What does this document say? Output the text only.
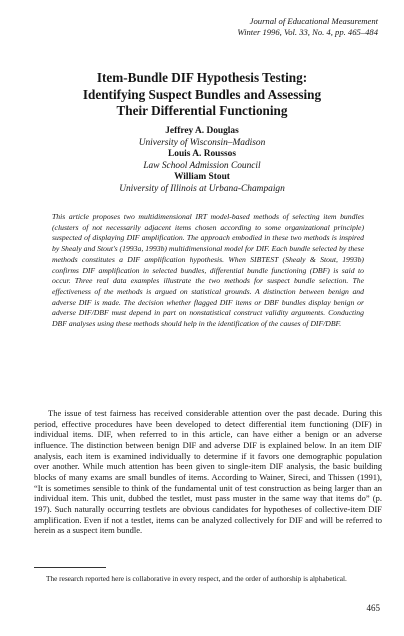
Journal of Educational Measurement
Winter 1996, Vol. 33, No. 4, pp. 465–484
Item-Bundle DIF Hypothesis Testing:
Identifying Suspect Bundles and Assessing
Their Differential Functioning
Jeffrey A. Douglas
University of Wisconsin–Madison
Louis A. Roussos
Law School Admission Council
William Stout
University of Illinois at Urbana-Champaign

This article proposes two multidimensional IRT model-based methods of selecting item bundles (clusters of not necessarily adjacent items chosen according to some organizational principle) suspected of displaying DIF amplification. The approach embodied in these two methods is inspired by Shealy and Stout's (1993a, 1993b) multidimensional model for DIF. Each bundle selected by these methods constitutes a DIF amplification hypothesis. When SIBTEST (Shealy & Stout, 1993b) confirms DIF amplification in selected bundles, differential bundle functioning (DBF) is said to occur. Three real data examples illustrate the two methods for suspect bundle selection. The effectiveness of the methods is argued on statistical grounds. A distinction between benign and adverse DIF is made. The decision whether flagged DIF items or DBF bundles display benign or adverse DIF/DBF must depend in part on nonstatistical construct validity arguments. Conducting DBF analyses using these methods should help in the identification of the causes of DIF/DBF.

The issue of test fairness has received considerable attention over the past decade. During this period, effective procedures have been developed to detect differential item functioning (DIF) in individual items. DIF, when referred to in this article, can have either a benign or an adverse influence. The distinction between benign DIF and adverse DIF is explained below. In an item DIF analysis, each item is examined individually to determine if it favors one demographic population over another. While much attention has been given to single-item DIF analysis, the basic building blocks of many exams are small bundles of items. According to Wainer, Sireci, and Thissen (1991), “It is sometimes sensible to think of the fundamental unit of test construction as being larger than an individual item. This unit, dubbed the testlet, must pass muster in the same way that items do” (p. 197). Such naturally occurring testlets are obvious candidates for hypotheses of collective-item DIF amplification. Even if not a testlet, items can be analyzed collectively for DIF and will be referred to herein as a suspect item bundle.

The research reported here is collaborative in every respect, and the order of authorship is alphabetical.

465
